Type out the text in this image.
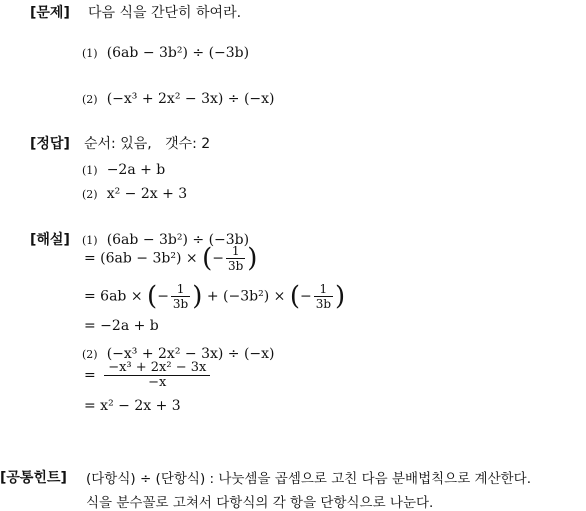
[문제] 다음 식을 간단히 하여라.
(1) (6ab − 3b²) ÷ (−3b)
(2) (−x³ + 2x² − 3x) ÷ (−x)
[정답] 순서: 있음,   갯수: 2
(1) −2a + b
(2) x² − 2x + 3
[해설] (1) (6ab − 3b²) ÷ (−3b)
= (6ab − 3b²) × (− $\frac{1}{3b}$ )
= 6ab × (− $\frac{1}{3b}$ ) + (−3b²) × (− $\frac{1}{3b}$ )
= −2a + b
(2) (−x³ + 2x² − 3x) ÷ (−x)
= $\frac{\text{−x³ + 2x² − 3x}}{-x}$
= x² − 2x + 3
[공통힌트] (다항식) ÷ (단항식) : 나눗셈을 곱셈으로 고친 다음 분배법칙으로 계산한다.
식을 분수꼴로 고쳐서 다항식의 각 항을 단항식으로 나눈다.
